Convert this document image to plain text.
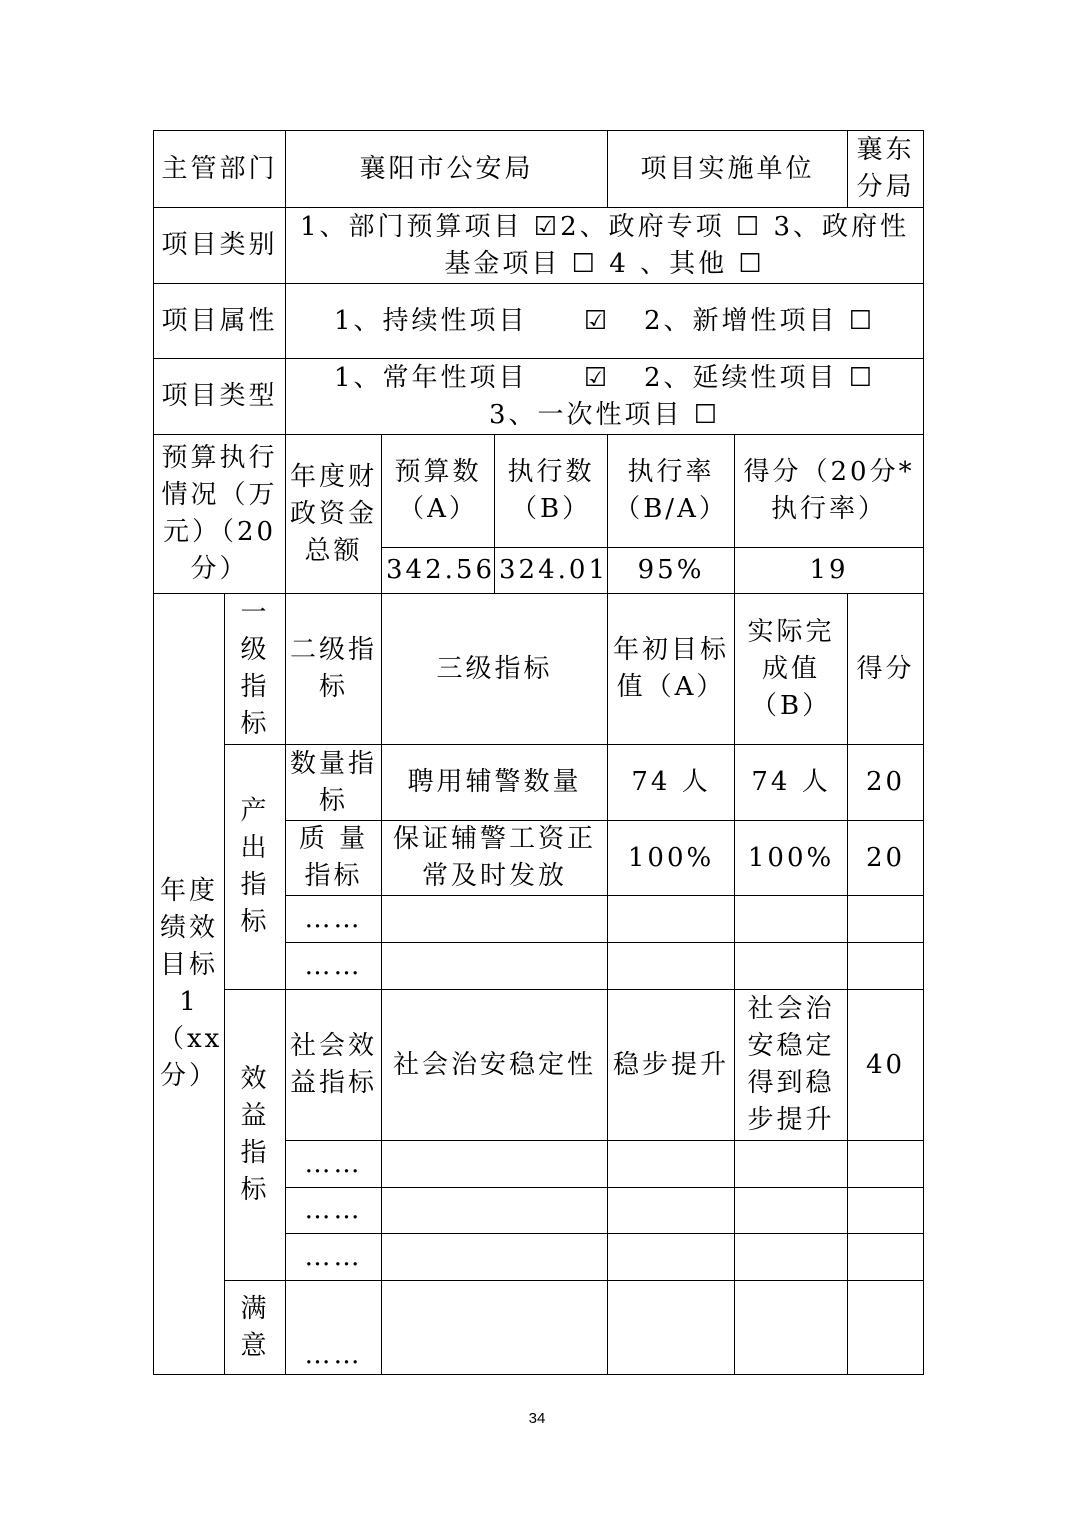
主管部门		襄阳市公安局			项目实施单位		襄东分局
项目类别		1、部门预算项目 ☑2、政府专项 ☐ 3、政府性
基金项目 ☐ 4 、其他 ☐					

项目属性		1、持续性项目     ☑   2、新增性项目 ☐					
项目类型		1、常年性项目     ☑   2、延续性项目 ☐
3、一次性项目 ☐					

预算执行情况（万元）（20分）		年度财政资金总额	预算数（A）	执行数（B）	执行率（B/A）	得分（20分*执行率）	
			342.56	324.01	95%	19	
年度绩效目标1（xx分）	一级指标	二级指标	三级指标		年初目标值（A）	实际完成值（B）	得分
	产出指标	数量指标	聘用辅警数量		74 人	74 人	20
		质 量指标	保证辅警工资正常及时发放		100%	100%	20
		……					
		……					
	效益指标	社会效益指标	社会治安稳定性		稳步提升	社会治安稳定得到稳步提升	40
		……					
		……					
		……					
	满意	……					
34
